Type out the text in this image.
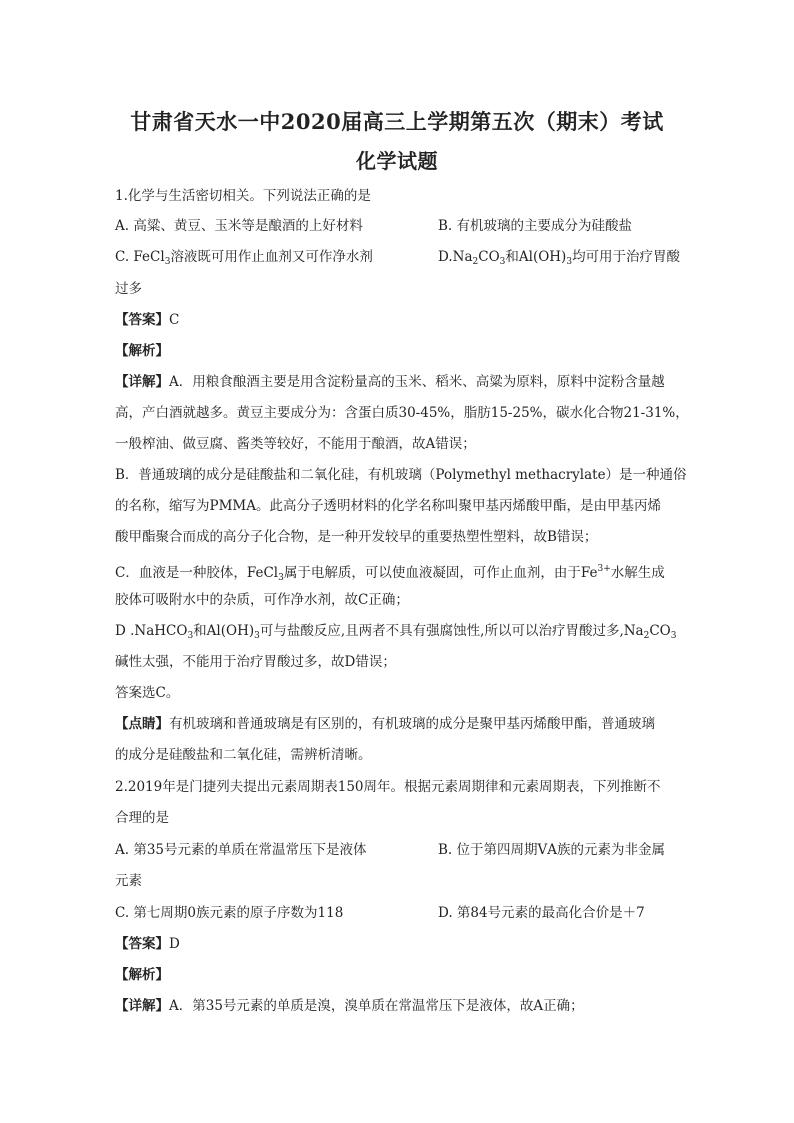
甘肃省天水一中2020届高三上学期第五次（期末）考试
化学试题
1.化学与生活密切相关。下列说法正确的是
A. 高粱、黄豆、玉米等是酿酒的上好材料	B. 有机玻璃的主要成分为硅酸盐
C. FeCl$_3$溶液既可用作止血剂又可作净水剂	$D.Na_2CO_3$和$Al(OH)_3$均可用于治疗胃酸
过多
【答案】C
【解析】
【详解】A．用粮食酿酒主要是用含淀粉量高的玉米、稻米、高粱为原料，原料中淀粉含量越
高，产白酒就越多。黄豆主要成分为：含蛋白质30-45%，脂肪15-25%，碳水化合物21-31%，
一般榨油、做豆腐、酱类等较好，不能用于酿酒，故A错误；
B．普通玻璃的成分是硅酸盐和二氧化硅，有机玻璃（Polymethyl methacrylate）是一种通俗
的名称，缩写为PMMA。此高分子透明材料的化学名称叫聚甲基丙烯酸甲酯，是由甲基丙烯
酸甲酯聚合而成的高分子化合物，是一种开发较早的重要热塑性塑料，故B错误；
C．血液是一种胶体，FeCl$_3$属于电解质，可以使血液凝固，可作止血剂，由于$Fe^{3+}$水解生成
胶体可吸附水中的杂质，可作净水剂，故C正确；
D .NaHCO$_3$和$Al(OH)_3$可与盐酸反应,且两者不具有强腐蚀性,所以可以治疗胃酸过多$,Na_2CO_3$
碱性太强，不能用于治疗胃酸过多，故D错误；
答案选C。
【点睛】有机玻璃和普通玻璃是有区别的，有机玻璃的成分是聚甲基丙烯酸甲酯，普通玻璃
的成分是硅酸盐和二氧化硅，需辨析清晰。
2.2019年是门捷列夫提出元素周期表150周年。根据元素周期律和元素周期表，下列推断不
合理的是
A. 第35号元素的单质在常温常压下是液体	B. 位于第四周期ⅤA族的元素为非金属
元素
C. 第七周期0族元素的原子序数为118	D. 第84号元素的最高化合价是＋7
【答案】D
【解析】
【详解】A．第35号元素的单质是溴，溴单质在常温常压下是液体，故A正确；
